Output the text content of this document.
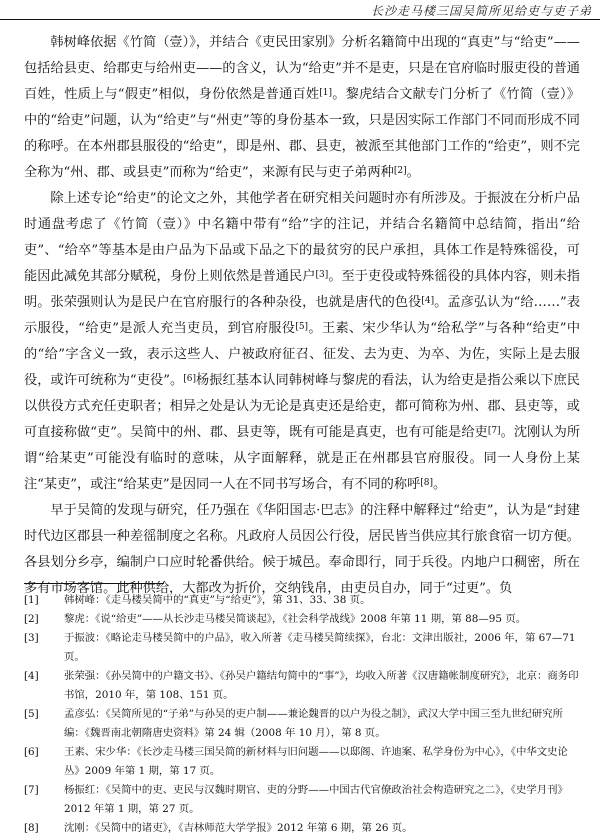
长沙走马楼三国吴简所见给吏与吏子弟

韩树峰依据《竹简（壹）》，并结合《吏民田家别》分析名籍简中出现的“真吏”与“给吏”——包括给县吏、给郡吏与给州吏——的含义，认为“给吏”并不是吏，只是在官府临时服吏役的普通百姓，性质上与“假吏”相似，身份依然是普通百姓[1]。黎虎结合文献专门分析了《竹简（壹）》中的“给吏”问题，认为“给吏”与“州吏”等的身份基本一致，只是因实际工作部门不同而形成不同的称呼。在本州郡县服役的“给吏”，即是州、郡、县吏，被派至其他部门工作的“给吏”，则不完全称为“州、郡、或县吏”而称为“给吏”，来源有民与吏子弟两种[2]。

除上述专论“给吏”的论文之外，其他学者在研究相关问题时亦有所涉及。于振波在分析户品时通盘考虑了《竹简（壹）》中名籍中带有“给”字的注记，并结合名籍简中总结简，指出“给吏”、“给卒”等基本是由户品为下品或下品之下的最贫穷的民户承担，具体工作是特殊徭役，可能因此减免其部分赋税，身份上则依然是普通民户[3]。至于吏役或特殊徭役的具体内容，则未指明。张荣强则认为是民户在官府服行的各种杂役，也就是唐代的色役[4]。孟彦弘认为“给……”表示服役，“给吏”是派人充当吏员，到官府服役[5]。王素、宋少华认为“给私学”与各种“给吏”中的“给”字含义一致，表示这些人、户被政府征召、征发、去为吏、为卒、为佐，实际上是去服役，或许可统称为“吏役”。[6]杨振红基本认同韩树峰与黎虎的看法，认为给吏是指公乘以下庶民以供役方式充任吏职者；相异之处是认为无论是真吏还是给吏，都可简称为州、郡、县吏等，或可直接称做“吏”。吴简中的州、郡、县吏等，既有可能是真吏，也有可能是给吏[7]。沈刚认为所谓“给某吏”可能没有临时的意味，从字面解释，就是正在州郡县官府服役。同一人身份上某注“某吏”，或注“给某吏”是因同一人在不同书写场合，有不同的称呼[8]。

早于吴简的发现与研究，任乃强在《华阳国志·巴志》的注释中解释过“给吏”，认为是“封建时代边区郡县一种差徭制度之名称。凡政府人员因公行役，居民皆当供应其行旅食宿一切方便。各县划分乡亭，编制户口应时轮番供给。候于城邑。奉命即行，同于兵役。内地户口稠密，所在多有市场客馆。此种供给，大都改为折价，交纳钱帛，由吏员自办，同于“过更”。负

[1]	韩树峰：《走马楼吴简中的“真吏”与“给吏”》，第 31、33、38 页。
[2]	黎虎：《说“给吏”——从长沙走马楼吴简谈起》，《社会科学战线》2008 年第 11 期，第 88—95 页。
[3]	于振波：《略论走马楼吴简中的户品》，收入所著《走马楼吴简续探》，台北：文津出版社，2006 年，第 67—71 页。
[4]	张荣强：《孙吴简中的户籍文书》、《孙吴户籍结句简中的“事”》，均收入所著《汉唐籍帐制度研究》，北京：商务印书馆，2010 年，第 108、151 页。
[5]	孟彦弘：《吴简所见的“子弟”与孙吴的吏户制——兼论魏晋的以户为役之制》，武汉大学中国三至九世纪研究所编：《魏晋南北朝隋唐史资料》第 24 辑（2008 年 10 月），第 8 页。
[6]	王素、宋少华：《长沙走马楼三国吴简的新材料与旧问题——以邸阁、许迪案、私学身份为中心》，《中华文史论丛》2009 年第 1 期，第 17 页。
[7]	杨振红：《吴简中的吏、吏民与汉魏时期官、吏的分野——中国古代官僚政治社会构造研究之二》，《史学月刊》2012 年第 1 期，第 27 页。
[8]	沈刚：《吴简中的诸吏》，《吉林师范大学学报》2012 年第 6 期，第 26 页。
